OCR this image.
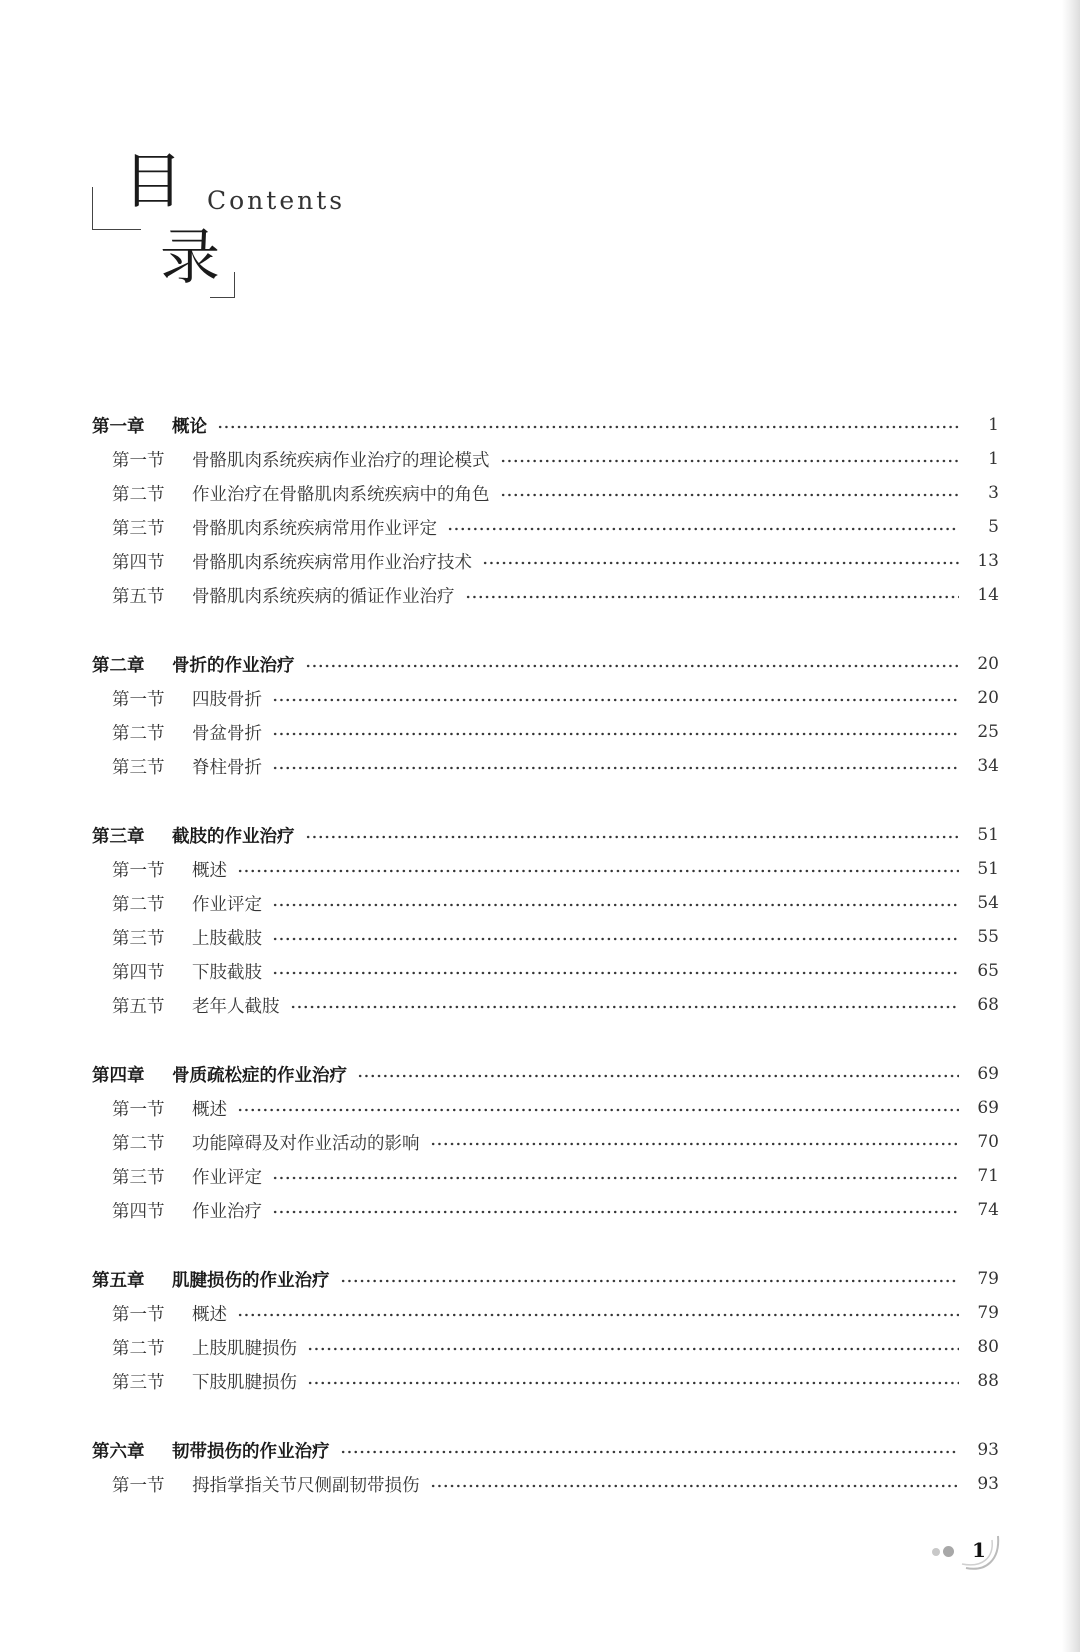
目
录
Contents
第一章	概论	1
第一节	骨骼肌肉系统疾病作业治疗的理论模式	1
第二节	作业治疗在骨骼肌肉系统疾病中的角色	3
第三节	骨骼肌肉系统疾病常用作业评定	5
第四节	骨骼肌肉系统疾病常用作业治疗技术	13
第五节	骨骼肌肉系统疾病的循证作业治疗	14
第二章	骨折的作业治疗	20
第一节	四肢骨折	20
第二节	骨盆骨折	25
第三节	脊柱骨折	34
第三章	截肢的作业治疗	51
第一节	概述	51
第二节	作业评定	54
第三节	上肢截肢	55
第四节	下肢截肢	65
第五节	老年人截肢	68
第四章	骨质疏松症的作业治疗	69
第一节	概述	69
第二节	功能障碍及对作业活动的影响	70
第三节	作业评定	71
第四节	作业治疗	74
第五章	肌腱损伤的作业治疗	79
第一节	概述	79
第二节	上肢肌腱损伤	80
第三节	下肢肌腱损伤	88
第六章	韧带损伤的作业治疗	93
第一节	拇指掌指关节尺侧副韧带损伤	93
1
